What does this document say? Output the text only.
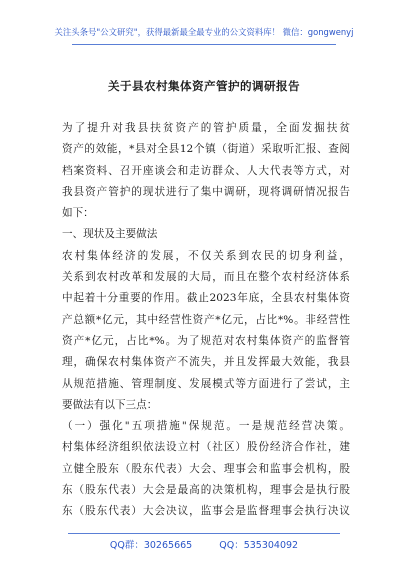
关注头条号"公文研究"，获得最新最全最专业的公文资料库！ 微信：gongwenyj
关于县农村集体资产管护的调研报告
为了提升对我县扶贫资产的管护质量，全面发掘扶贫
资产的效能，*县对全县12个镇（街道）采取听汇报、查阅
档案资料、召开座谈会和走访群众、人大代表等方式，对
我县资产管护的现状进行了集中调研，现将调研情况报告
如下：
一、现状及主要做法
农村集体经济的发展，不仅关系到农民的切身利益，
关系到农村改革和发展的大局，而且在整个农村经济体系
中起着十分重要的作用。截止2023年底，全县农村集体资
产总额*亿元，其中经营性资产*亿元，占比*%。非经营性
资产*亿元，占比*%。为了规范对农村集体资产的监督管
理，确保农村集体资产不流失，并且发挥最大效能，我县
从规范措施、管理制度、发展模式等方面进行了尝试，主
要做法有以下三点：
（一）强化"五项措施"保规范。一是规范经营决策。
村集体经济组织依法设立村（社区）股份经济合作社，建
立健全股东（股东代表）大会、理事会和监事会机构，股
东（股东代表）大会是最高的决策机构，理事会是执行股
东（股东代表）大会决议，监事会是监督理事会执行决议
QQ群：30265665	QQ：535304092
